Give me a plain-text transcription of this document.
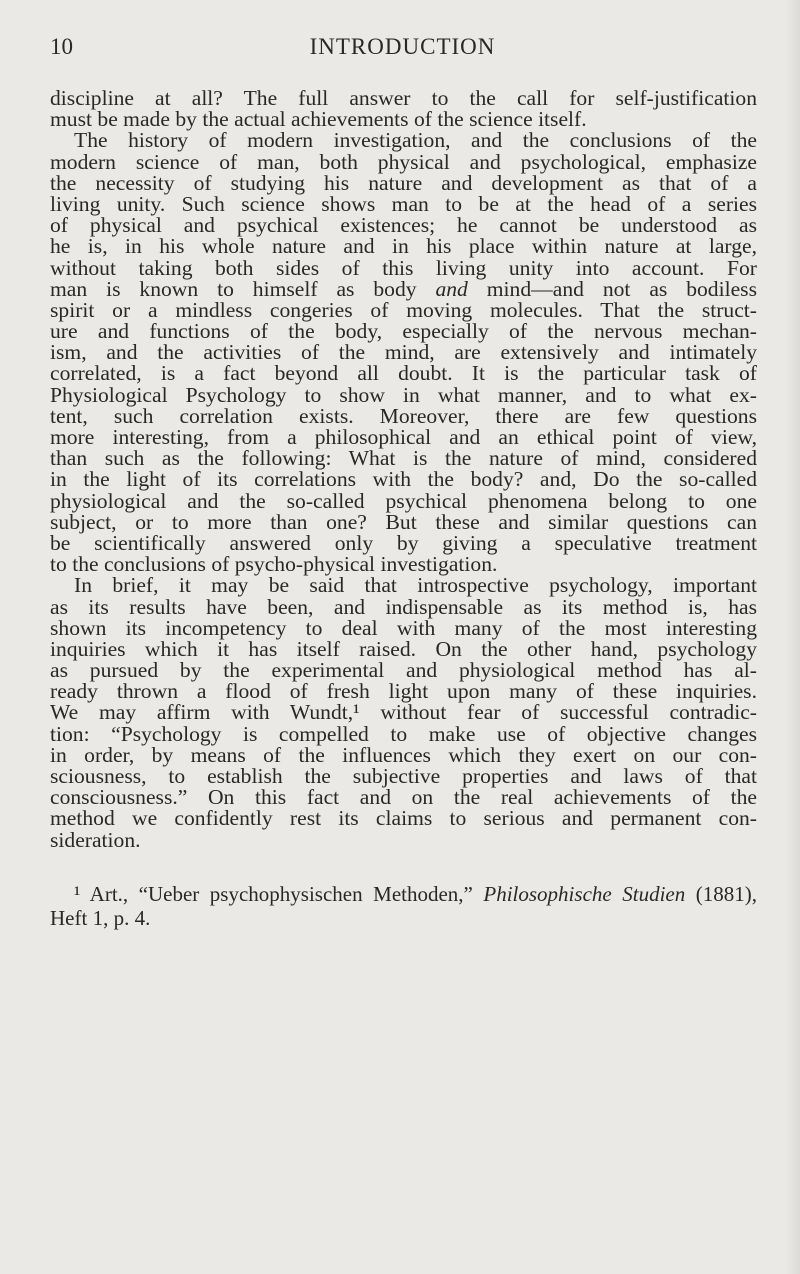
10	INTRODUCTION
discipline at all? The full answer to the call for self-justification
must be made by the actual achievements of the science itself.
The history of modern investigation, and the conclusions of the
modern science of man, both physical and psychological, emphasize
the necessity of studying his nature and development as that of a
living unity. Such science shows man to be at the head of a series
of physical and psychical existences; he cannot be understood as
he is, in his whole nature and in his place within nature at large,
without taking both sides of this living unity into account. For
man is known to himself as body and mind—and not as bodiless
spirit or a mindless congeries of moving molecules. That the struct-
ure and functions of the body, especially of the nervous mechan-
ism, and the activities of the mind, are extensively and intimately
correlated, is a fact beyond all doubt. It is the particular task of
Physiological Psychology to show in what manner, and to what ex-
tent, such correlation exists. Moreover, there are few questions
more interesting, from a philosophical and an ethical point of view,
than such as the following: What is the nature of mind, considered
in the light of its correlations with the body? and, Do the so-called
physiological and the so-called psychical phenomena belong to one
subject, or to more than one? But these and similar questions can
be scientifically answered only by giving a speculative treatment
to the conclusions of psycho-physical investigation.
In brief, it may be said that introspective psychology, important
as its results have been, and indispensable as its method is, has
shown its incompetency to deal with many of the most interesting
inquiries which it has itself raised. On the other hand, psychology
as pursued by the experimental and physiological method has al-
ready thrown a flood of fresh light upon many of these inquiries.
We may affirm with Wundt,¹ without fear of successful contradic-
tion: “Psychology is compelled to make use of objective changes
in order, by means of the influences which they exert on our con-
sciousness, to establish the subjective properties and laws of that
consciousness.” On this fact and on the real achievements of the
method we confidently rest its claims to serious and permanent con-
sideration.
¹ Art., “Ueber psychophysischen Methoden,” Philosophische Studien (1881),
Heft 1, p. 4.
